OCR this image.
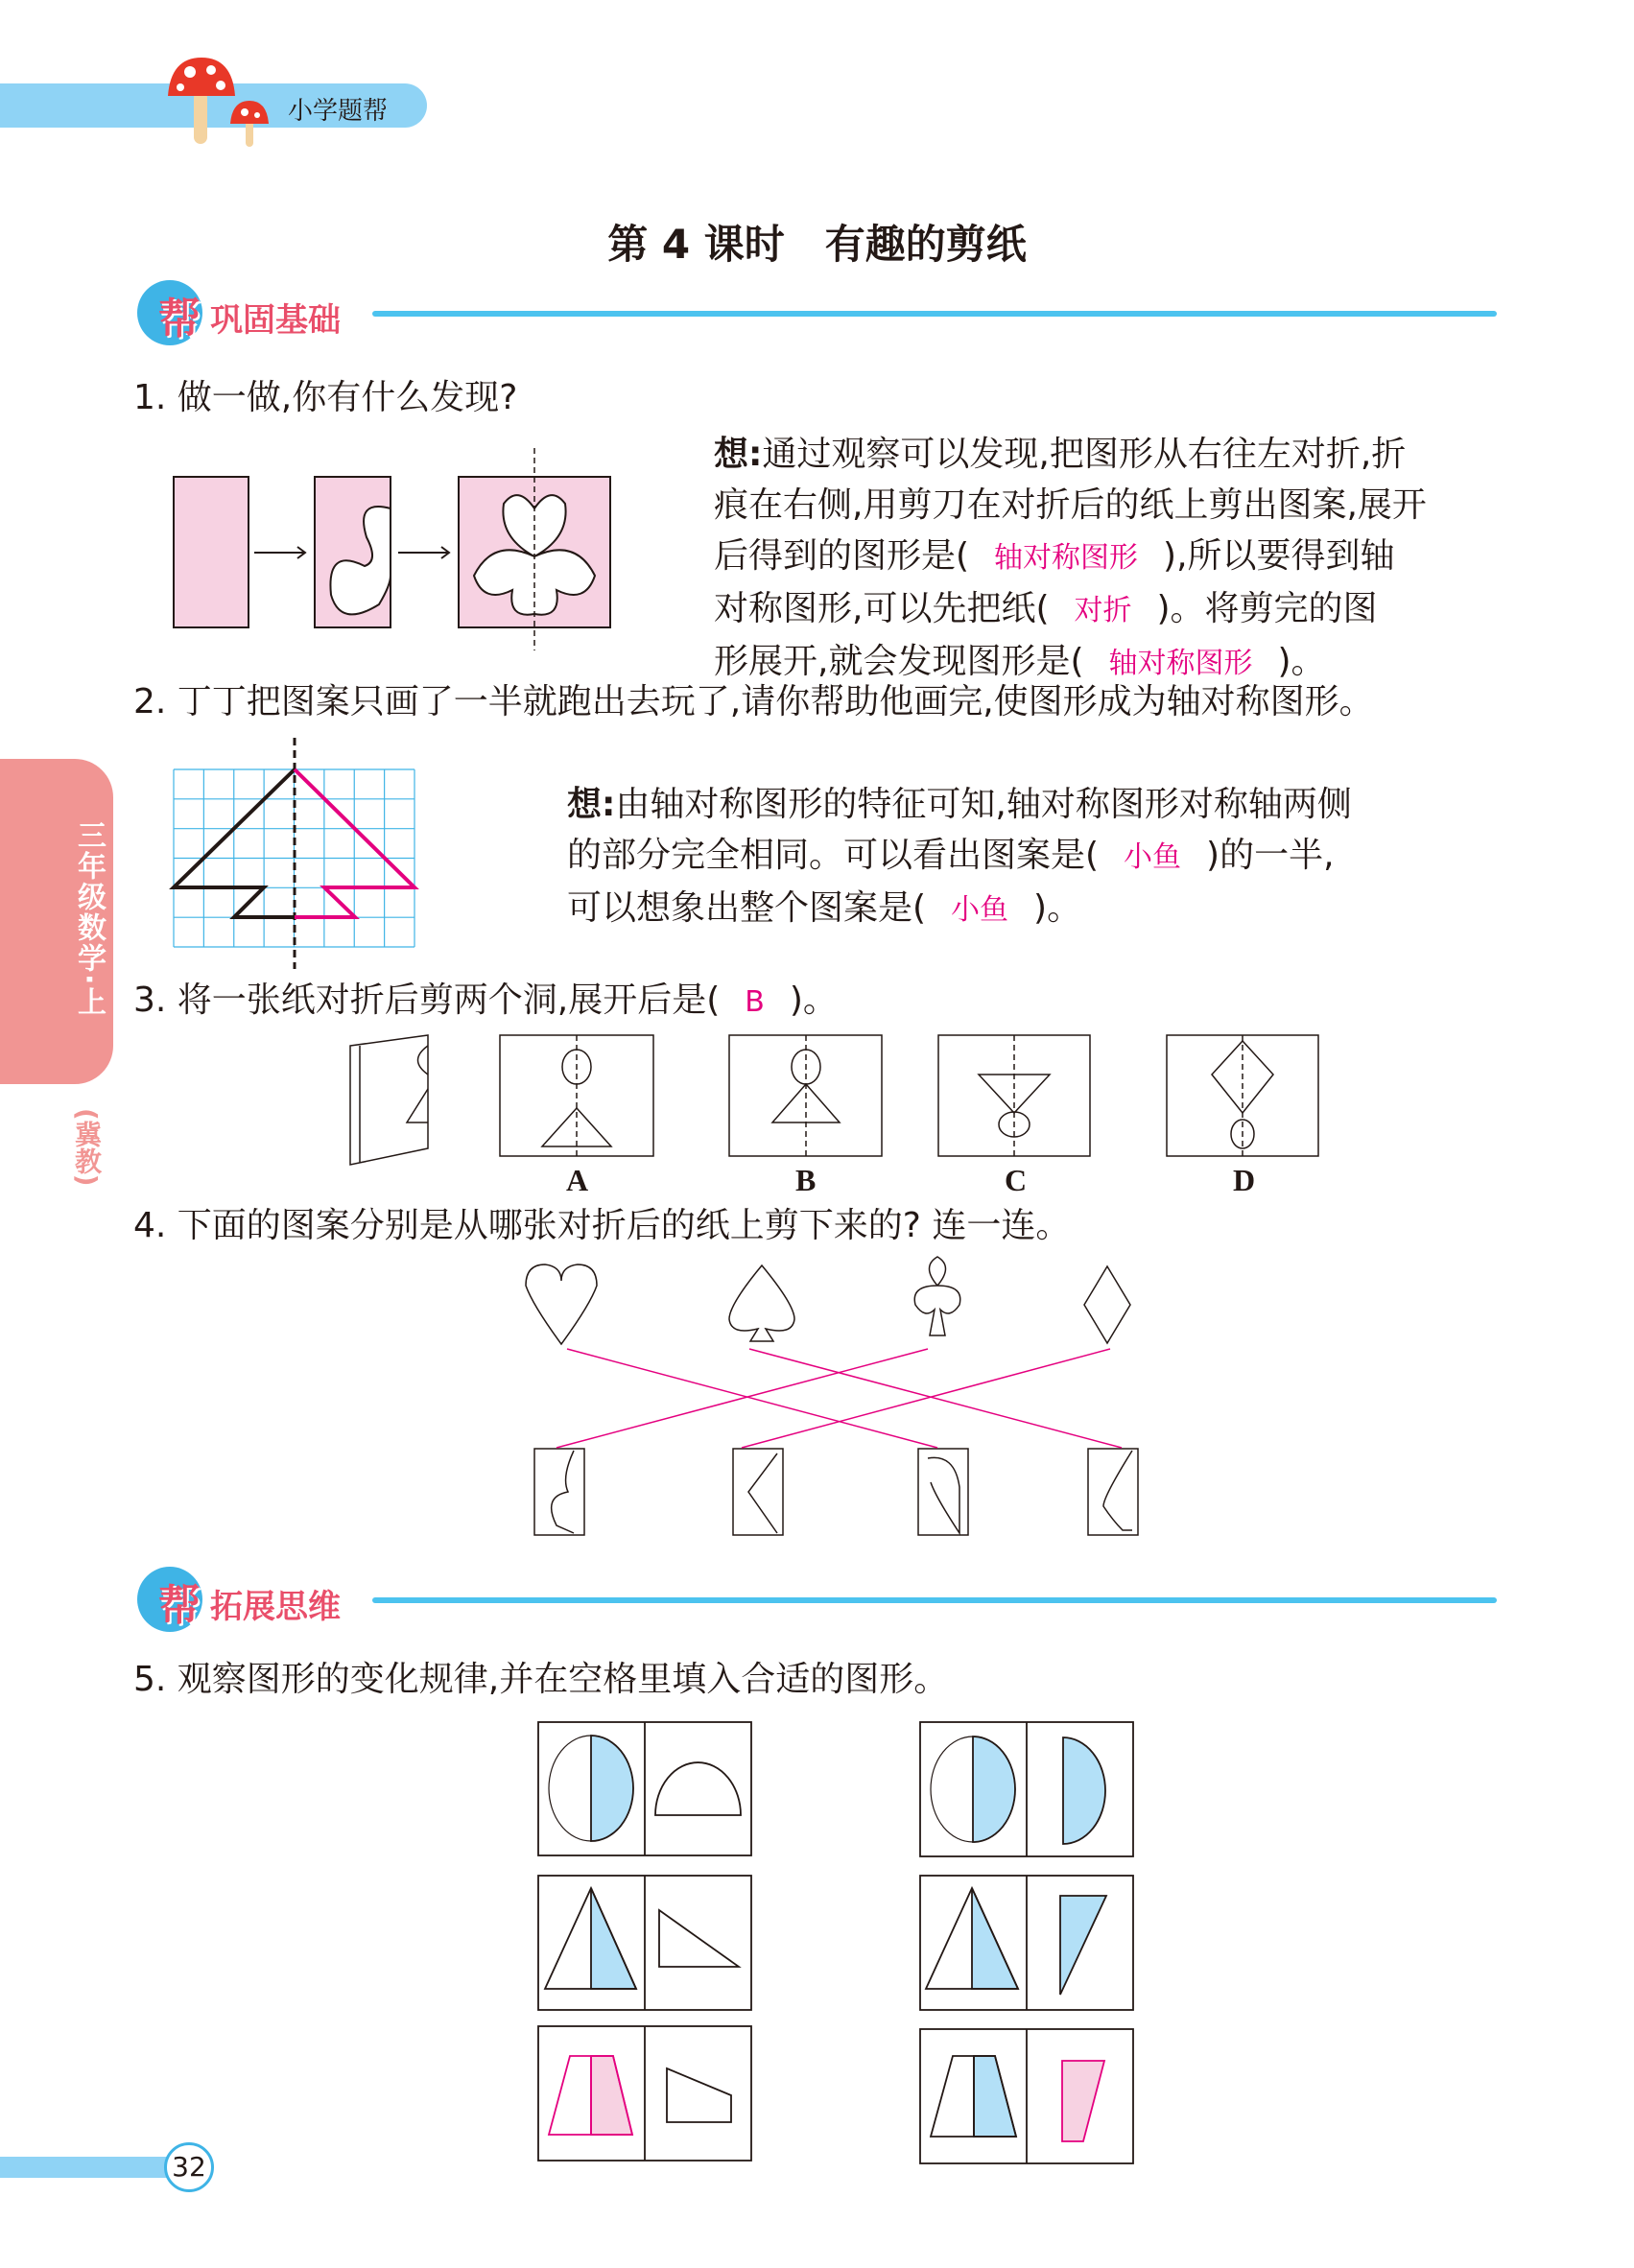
小学题帮
第 4 课时　有趣的剪纸
帮 巩固基础
三年级数学·上
(冀教)
1. 做一做,你有什么发现?
想:通过观察可以发现,把图形从右往左对折,折
痕在右侧,用剪刀在对折后的纸上剪出图案,展开
后得到的图形是( 轴对称图形 ),所以要得到轴
对称图形,可以先把纸( 对折 )。将剪完的图
形展开,就会发现图形是( 轴对称图形 )。
2. 丁丁把图案只画了一半就跑出去玩了,请你帮助他画完,使图形成为轴对称图形。
想:由轴对称图形的特征可知,轴对称图形对称轴两侧
的部分完全相同。可以看出图案是( 小鱼 )的一半,
可以想象出整个图案是( 小鱼 )。
3. 将一张纸对折后剪两个洞,展开后是( B )。
A	B	C	D
4. 下面的图案分别是从哪张对折后的纸上剪下来的? 连一连。
帮 拓展思维
5. 观察图形的变化规律,并在空格里填入合适的图形。
32
